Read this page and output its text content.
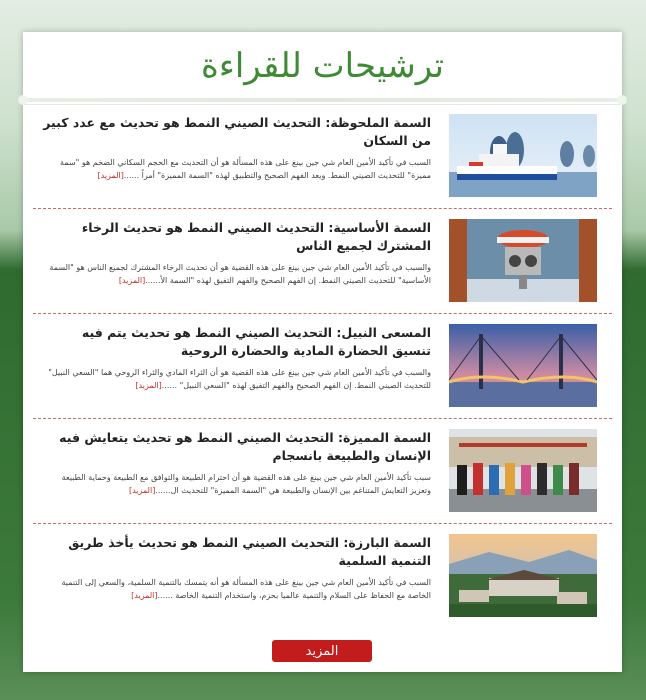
ترشيحات للقراءة

السمة الملحوظة: التحديث الصيني النمط هو تحديث مع عدد كبير من السكان

السبب في تأكيد الأمين العام شي جين بينغ على هذه المسألة هو أن التحديث مع الحجم السكاني الضخم هو "سمة مميزة" للتحديث الصيني النمط. ويعد الفهم الصحيح والتطبيق لهذه "السمة المميزة" أمراً ......[المزيد]

السمة الأساسية: التحديث الصيني النمط هو تحديث الرخاء المشترك لجميع الناس

والسبب في تأكيد الأمين العام شي جين بينغ على هذه القضية هو أن تحديث الرخاء المشترك لجميع الناس هو "السمة الأساسية" للتحديث الصيني النمط. إن الفهم الصحيح والفهم التفيق لهذه "السمة الأ......[المزيد]

المسعى النبيل: التحديث الصيني النمط هو تحديث يتم فيه تنسيق الحضارة المادية والحضارة الروحية

والسبب في تأكيد الأمين العام شي جين بينغ على هذه القضية هو أن الثراء المادي والثراء الروحي هما "السعي النبيل" للتحديث الصيني النمط. إن الفهم الصحيح والفهم التفيق لهذه "السعي النبيل" ......[المزيد]

السمة المميزة: التحديث الصيني النمط هو تحديث يتعايش فيه الإنسان والطبيعة بانسجام

سبب تأكيد الأمين العام شي جين بينغ على هذه القضية هو أن احترام الطبيعة والتوافق مع الطبيعة وحماية الطبيعة وتعزيز التعايش المتناغم بين الإنسان والطبيعة هي "السمة المميزة" للتحديث ال......[المزيد]

السمة البارزة: التحديث الصيني النمط هو تحديث يأخذ طريق التنمية السلمية

السبب في تأكيد الأمين العام شي جين بينغ على هذه المسألة هو أنه يتمسك بالتنمية السلمية، والسعي إلى التنمية الخاصة مع الحفاظ على السلام والتنمية عالميا بحزم، واستخدام التنمية الخاصة ......[المزيد]

المزيد
